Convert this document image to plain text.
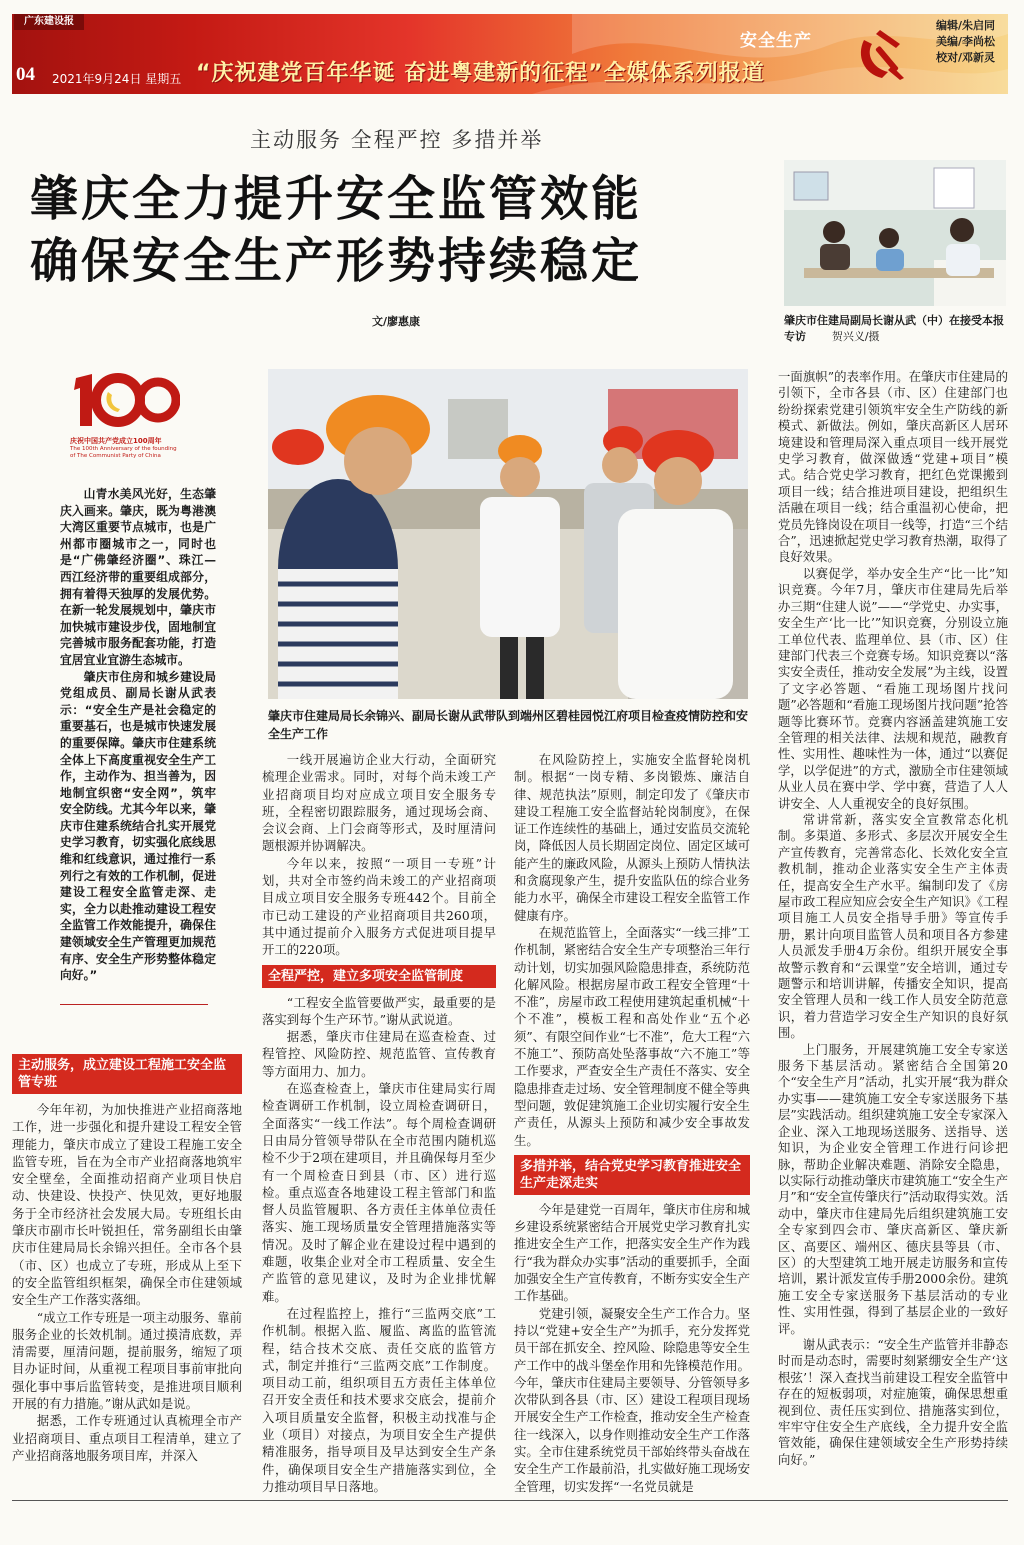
广东建设报
04 2021年9月24日 星期五
安全生产
“庆祝建党百年华诞 奋进粤建新的征程”全媒体系列报道
编辑/朱启同
美编/李尚松
校对/邓新灵
主动服务 全程严控 多措并举
肇庆全力提升安全监管效能
确保安全生产形势持续稳定
文/廖惠康	肇庆市住建局副局长谢从武（中）在接受本报专访 贺兴义/摄
庆祝中国共产党成立100周年
The 100th Anniversary of the founding of The Communist Party of China

山青水美风光好，生态肇庆入画来。肇庆，既为粤港澳大湾区重要节点城市，也是广州都市圈城市之一，同时也是“广佛肇经济圈”、珠江—西江经济带的重要组成部分，拥有着得天独厚的发展优势。在新一轮发展规划中，肇庆市加快城市建设步伐，固地制宜完善城市服务配套功能，打造宜居宜业宜游生态城市。

肇庆市住房和城乡建设局党组成员、副局长谢从武表示：“安全生产是社会稳定的重要基石，也是城市快速发展的重要保障。肇庆市住建系统全体上下高度重视安全生产工作，主动作为、担当善为，因地制宜织密“安全网”，筑牢安全防线。尤其今年以来，肇庆市住建系统结合扎实开展党史学习教育，切实强化底线思维和红线意识，通过推行一系列行之有效的工作机制，促进建设工程安全监管走深、走实，全力以赴推动建设工程安全监管工作效能提升，确保住建领域安全生产管理更加规范有序、安全生产形势整体稳定向好。”

肇庆市住建局局长余锦兴、副局长谢从武带队到端州区碧桂园悦江府项目检查疫情防控和安全生产工作
主动服务，成立建设工程施工安全监管专班

今年年初，为加快推进产业招商落地工作，进一步强化和提升建设工程安全管理能力，肇庆市成立了建设工程施工安全监管专班，旨在为全市产业招商落地筑牢安全壁垒，全面推动招商产业项目快启动、快建设、快投产、快见效，更好地服务于全市经济社会发展大局。专班组长由肇庆市副市长叶锐担任，常务副组长由肇庆市住建局局长余锦兴担任。全市各个县（市、区）也成立了专班，形成从上至下的安全监管组织框架，确保全市住建领域安全生产工作落实落细。

“成立工作专班是一项主动服务、靠前服务企业的长效机制。通过摸清底数，弄清需要，厘清问题，提前服务，缩短了项目办证时间，从重视工程项目事前审批向强化事中事后监管转变，是推进项目顺利开展的有力措施。”谢从武如是说。

据悉，工作专班通过认真梳理全市产业招商项目、重点项目工程清单，建立了产业招商落地服务项目库，并深入

一线开展遍访企业大行动，全面研究梳理企业需求。同时，对每个尚未竣工产业招商项目均对应成立项目安全服务专班，全程密切跟踪服务，通过现场会商、会议会商、上门会商等形式，及时厘清问题根源并协调解决。

今年以来，按照“一项目一专班”计划，共对全市签约尚未竣工的产业招商项目成立项目安全服务专班442个。目前全市已动工建设的产业招商项目共260项，其中通过提前介入服务方式促进项目提早开工的220项。

全程严控，建立多项安全监管制度

“工程安全监管要做严实，最重要的是落实到每个生产环节。”谢从武说道。

据悉，肇庆市住建局在巡查检查、过程管控、风险防控、规范监管、宣传教育等方面用力、加力。

在巡查检查上，肇庆市住建局实行周检查调研工作机制，设立周检查调研日，全面落实“一线工作法”。每个周检查调研日由局分管领导带队在全市范围内随机巡检不少于2项在建项目，并且确保每月至少有一个周检查日到县（市、区）进行巡检。重点巡查各地建设工程主管部门和监督人员监管履职、各方责任主体单位责任落实、施工现场质量安全管理措施落实等情况。及时了解企业在建设过程中遇到的难题，收集企业对全市工程质量、安全生产监管的意见建议，及时为企业排忧解难。

在过程监控上，推行“三监两交底”工作机制。根据入监、履监、离监的监管流程，结合技术交底、责任交底的监管方式，制定并推行“三监两交底”工作制度。项目动工前，组织项目五方责任主体单位召开安全责任和技术要求交底会，提前介入项目质量安全监督，积极主动找准与企业（项目）对接点，为项目安全生产提供精准服务，指导项目及早达到安全生产条件，确保项目安全生产措施落实到位，全力推动项目早日落地。

在风险防控上，实施安全监督轮岗机制。根据“一岗专精、多岗锻炼、廉洁自律、规范执法”原则，制定印发了《肇庆市建设工程施工安全监督站轮岗制度》，在保证工作连续性的基础上，通过安监员交流轮岗，降低因人员长期固定岗位、固定区域可能产生的廉政风险，从源头上预防人情执法和贪腐现象产生，提升安监队伍的综合业务能力水平，确保全市建设工程安全监管工作健康有序。

在规范监管上，全面落实“一线三排”工作机制，紧密结合安全生产专项整治三年行动计划，切实加强风险隐患排查，系统防范化解风险。根据房屋市政工程安全管理“十不准”，房屋市政工程使用建筑起重机械“十个不准”，模板工程和高处作业“五个必须”、有限空间作业“七不准”，危大工程“六不施工”、预防高处坠落事故“六不施工”等工作要求，严查安全生产责任不落实、安全隐患排查走过场、安全管理制度不健全等典型问题，敦促建筑施工企业切实履行安全生产责任，从源头上预防和减少安全事故发生。

多措并举，结合党史学习教育推进安全生产走深走实

今年是建党一百周年，肇庆市住房和城乡建设系统紧密结合开展党史学习教育扎实推进安全生产工作，把落实安全生产作为践行“我为群众办实事”活动的重要抓手，全面加强安全生产宣传教育，不断夯实安全生产工作基础。

党建引领，凝聚安全生产工作合力。坚持以“党建+安全生产”为抓手，充分发挥党员干部在抓安全、控风险、除隐患等安全生产工作中的战斗堡垒作用和先锋模范作用。今年，肇庆市住建局主要领导、分管领导多次带队到各县（市、区）建设工程项目现场开展安全生产工作检查，推动安全生产检查往一线深入，以身作则推动安全生产工作落实。全市住建系统党员干部始终带头奋战在安全生产工作最前沿，扎实做好施工现场安全管理，切实发挥“一名党员就是

一面旗帜”的表率作用。在肇庆市住建局的引领下，全市各县（市、区）住建部门也纷纷探索党建引领筑牢安全生产防线的新模式、新做法。例如，肇庆高新区人居环境建设和管理局深入重点项目一线开展党史学习教育，做深做透“党建+项目”模式。结合党史学习教育，把红色党课搬到项目一线；结合推进项目建设，把组织生活融在项目一线；结合重温初心使命，把党员先锋岗设在项目一线等，打造“三个结合”，迅速掀起党史学习教育热潮，取得了良好效果。

以赛促学，举办安全生产“比一比”知识竞赛。今年7月，肇庆市住建局先后举办三期“住建人说”——“学党史、办实事，安全生产‘比一比’”知识竞赛，分别设立施工单位代表、监理单位、县（市、区）住建部门代表三个竞赛专场。知识竞赛以“落实安全责任，推动安全发展”为主线，设置了文字必答题、“看施工现场图片找问题”必答题和“看施工现场图片找问题”抢答题等比赛环节。竞赛内容涵盖建筑施工安全管理的相关法律、法规和规范，融教育性、实用性、趣味性为一体，通过“以赛促学，以学促进”的方式，激励全市住建领域从业人员在赛中学、学中赛，营造了人人讲安全、人人重视安全的良好氛围。

常讲常新，落实安全宣教常态化机制。多渠道、多形式、多层次开展安全生产宣传教育，完善常态化、长效化安全宣教机制，推动企业落实安全生产主体责任，提高安全生产水平。编制印发了《房屋市政工程应知应会安全生产知识》《工程项目施工人员安全指导手册》等宣传手册，累计向项目监管人员和项目各方参建人员派发手册4万余份。组织开展安全事故警示教育和“云课堂”安全培训，通过专题警示和培训讲解，传播安全知识，提高安全管理人员和一线工作人员安全防范意识，着力营造学习安全生产知识的良好氛围。

上门服务，开展建筑施工安全专家送服务下基层活动。紧密结合全国第20个“安全生产月”活动，扎实开展“我为群众办实事——建筑施工安全专家送服务下基层”实践活动。组织建筑施工安全专家深入企业、深入工地现场送服务、送指导、送知识，为企业安全管理工作进行问诊把脉，帮助企业解决难题、消除安全隐患，以实际行动推动肇庆市建筑施工“安全生产月”和“安全宣传肇庆行”活动取得实效。活动中，肇庆市住建局先后组织建筑施工安全专家到四会市、肇庆高新区、肇庆新区、高要区、端州区、德庆县等县（市、区）的大型建筑工地开展走访服务和宣传培训，累计派发宣传手册2000余份。建筑施工安全专家送服务下基层活动的专业性、实用性强，得到了基层企业的一致好评。

谢从武表示：“安全生产监管并非静态时而是动态时，需要时刻紧绷安全生产‘这根弦’！深入查找当前建设工程安全监管中存在的短板弱项，对症施策，确保思想重视到位、责任压实到位、措施落实到位，牢牢守住安全生产底线，全力提升安全监管效能，确保住建领域安全生产形势持续向好。”
